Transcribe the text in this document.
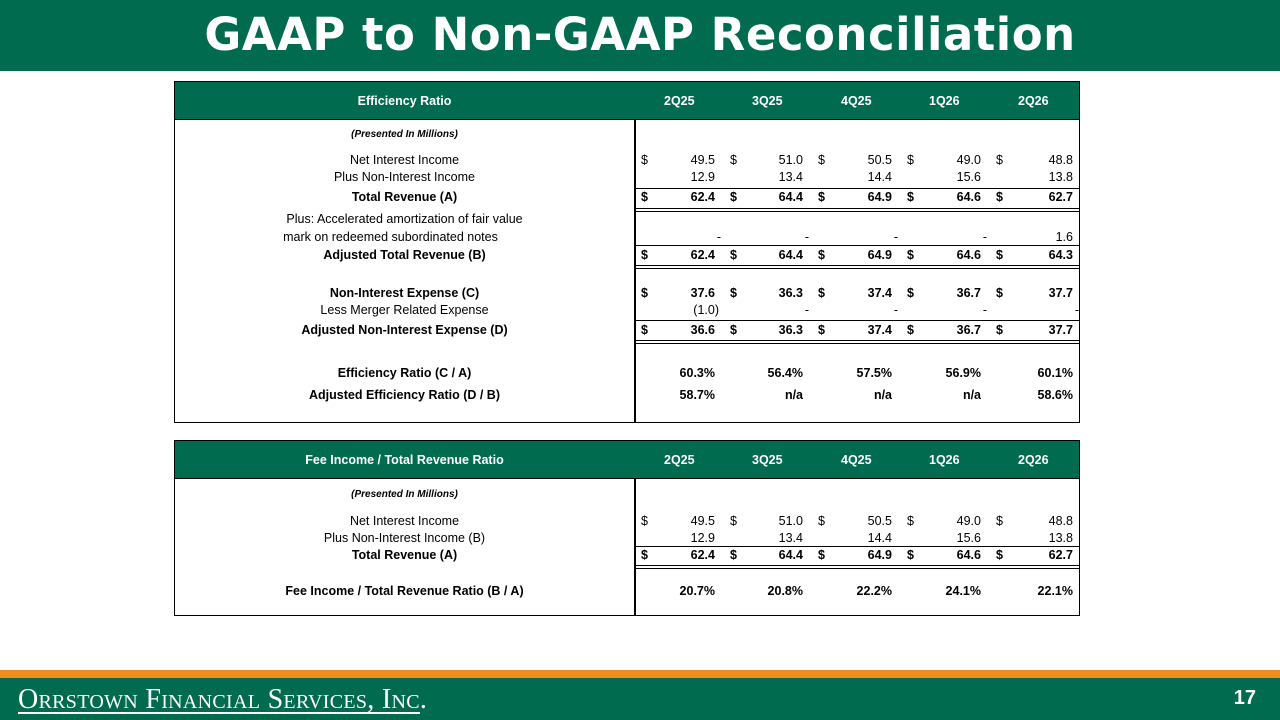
GAAP to Non-GAAP Reconciliation
Efficiency Ratio	2Q25	3Q25	4Q25	1Q26	2Q26
(Presented In Millions)
Net Interest Income	$	49.5 $	51.0 $	50.5 $	49.0 $	48.8
Plus Non-Interest Income	12.9	13.4	14.4	15.6	13.8
Total Revenue (A)	$	62.4 $	64.4 $	64.9 $	64.6 $	62.7
Plus: Accelerated amortization of fair value
mark on redeemed subordinated notes	-	-	-	-	1.6
Adjusted Total Revenue (B)	$	62.4 $	64.4 $	64.9 $	64.6 $	64.3
Non-Interest Expense (C)	$	37.6 $	36.3 $	37.4 $	36.7 $	37.7
Less Merger Related Expense	(1.0)	-	-	-	-
Adjusted Non-Interest Expense (D)	$	36.6 $	36.3 $	37.4 $	36.7 $	37.7
Efficiency Ratio (C / A)	60.3%	56.4%	57.5%	56.9%	60.1%
Adjusted Efficiency Ratio (D / B)	58.7%	n/a	n/a	n/a	58.6%
Fee Income / Total Revenue Ratio	2Q25	3Q25	4Q25	1Q26	2Q26
(Presented In Millions)
Net Interest Income	$	49.5 $	51.0 $	50.5 $	49.0 $	48.8
Plus Non-Interest Income (B)	12.9	13.4	14.4	15.6	13.8
Total Revenue (A)	$	62.4 $	64.4 $	64.9 $	64.6 $	62.7
Fee Income / Total Revenue Ratio (B / A)	20.7%	20.8%	22.2%	24.1%	22.1%
Orrstown Financial Services, Inc.	17
